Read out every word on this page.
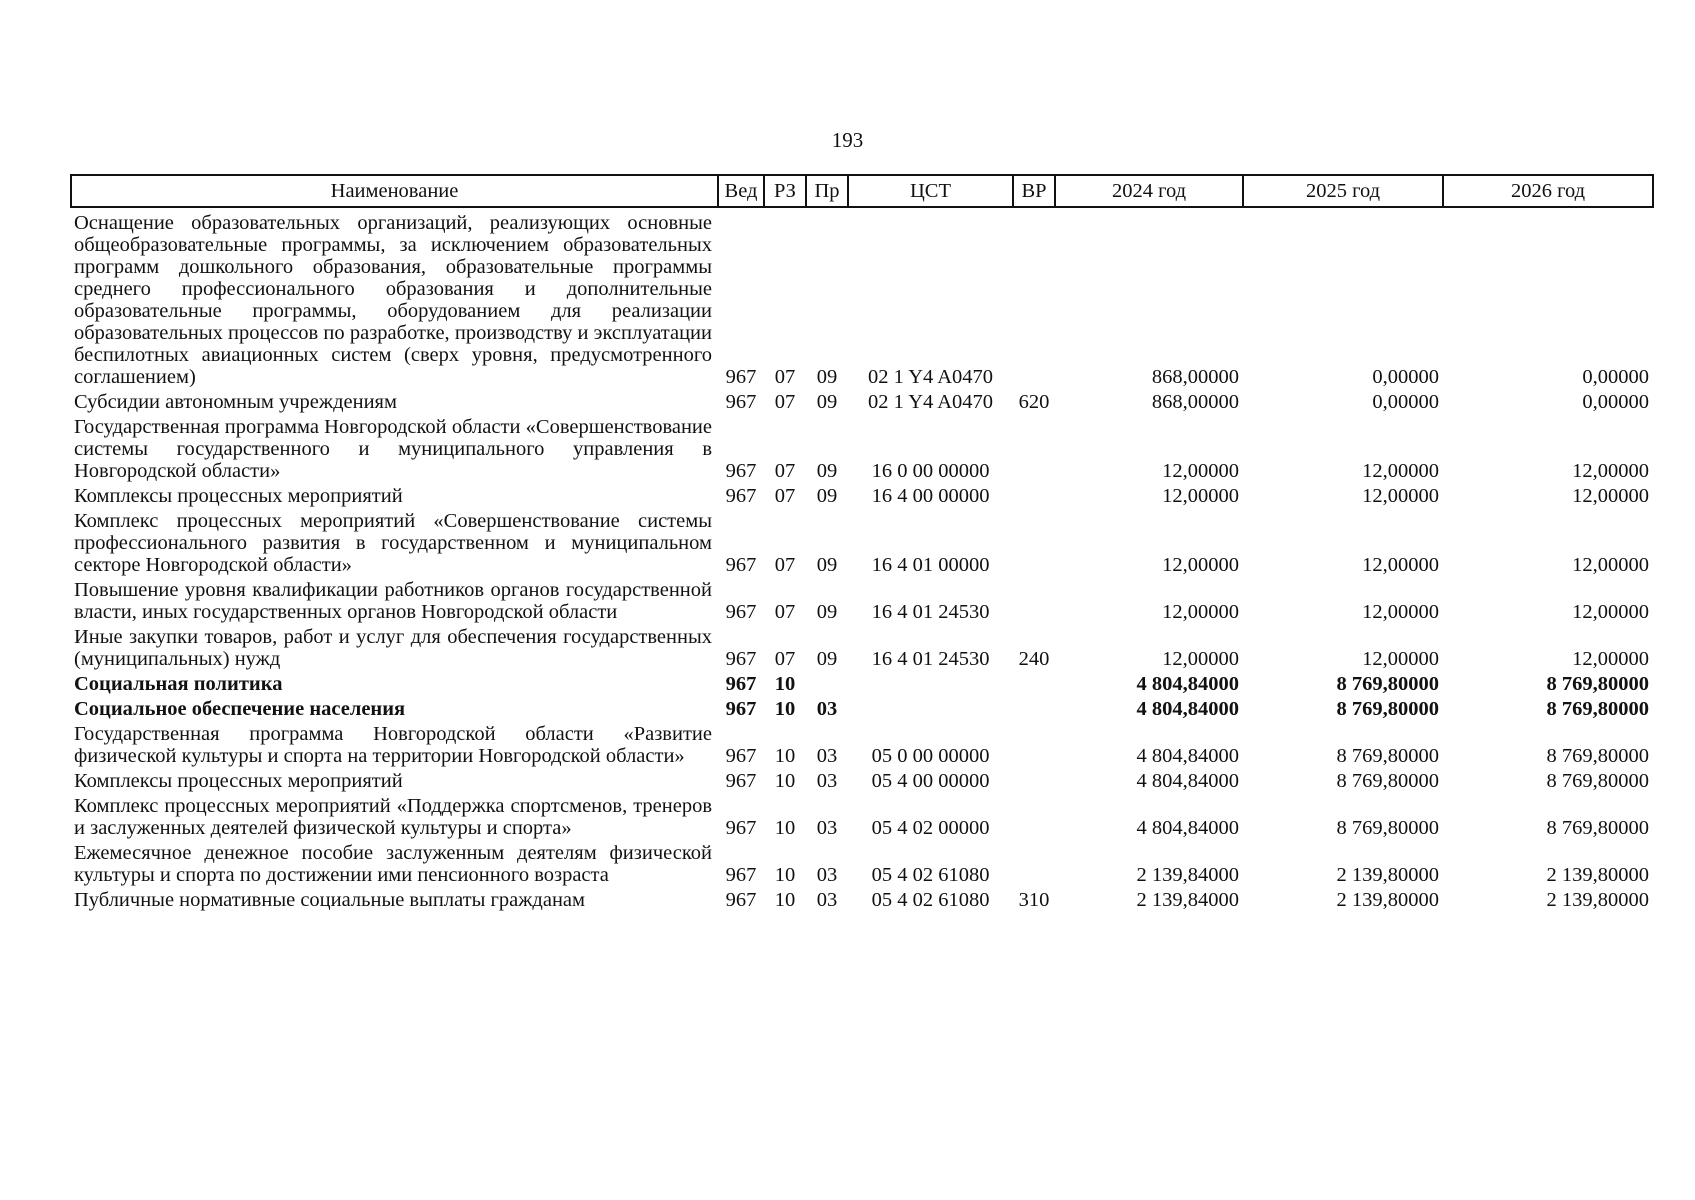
193
Наименование	Вед	РЗ	Пр	ЦСТ	ВР	2024 год	2025 год	2026 год
Оснащение образовательных организаций, реализующих основные общеобразовательные программы, за исключением образовательных программ дошкольного образования, образовательные программы среднего профессионального образования и дополнительные образовательные программы, оборудованием для реализации образовательных процессов по разработке, производству и эксплуатации беспилотных авиационных систем (сверх уровня, предусмотренного соглашением)	967	07	09	02 1 Y4 A0470		868,00000	0,00000	0,00000
Субсидии автономным учреждениям	967	07	09	02 1 Y4 A0470	620	868,00000	0,00000	0,00000
Государственная программа Новгородской области «Совершенствование системы государственного и муниципального управления в Новгородской области»	967	07	09	16 0 00 00000		12,00000	12,00000	12,00000
Комплексы процессных мероприятий	967	07	09	16 4 00 00000		12,00000	12,00000	12,00000
Комплекс процессных мероприятий «Совершенствование системы профессионального развития в государственном и муниципальном секторе Новгородской области»	967	07	09	16 4 01 00000		12,00000	12,00000	12,00000
Повышение уровня квалификации работников органов государственной власти, иных государственных органов Новгородской области	967	07	09	16 4 01 24530		12,00000	12,00000	12,00000
Иные закупки товаров, работ и услуг для обеспечения государственных (муниципальных) нужд	967	07	09	16 4 01 24530	240	12,00000	12,00000	12,00000
Социальная политика	967	10				4 804,84000	8 769,80000	8 769,80000
Социальное обеспечение населения	967	10	03			4 804,84000	8 769,80000	8 769,80000
Государственная программа Новгородской области «Развитие физической культуры и спорта на территории Новгородской области»	967	10	03	05 0 00 00000		4 804,84000	8 769,80000	8 769,80000
Комплексы процессных мероприятий	967	10	03	05 4 00 00000		4 804,84000	8 769,80000	8 769,80000
Комплекс процессных мероприятий «Поддержка спортсменов, тренеров и заслуженных деятелей физической культуры и спорта»	967	10	03	05 4 02 00000		4 804,84000	8 769,80000	8 769,80000
Ежемесячное денежное пособие заслуженным деятелям физической культуры и спорта по достижении ими пенсионного возраста	967	10	03	05 4 02 61080		2 139,84000	2 139,80000	2 139,80000
Публичные нормативные социальные выплаты гражданам	967	10	03	05 4 02 61080	310	2 139,84000	2 139,80000	2 139,80000
